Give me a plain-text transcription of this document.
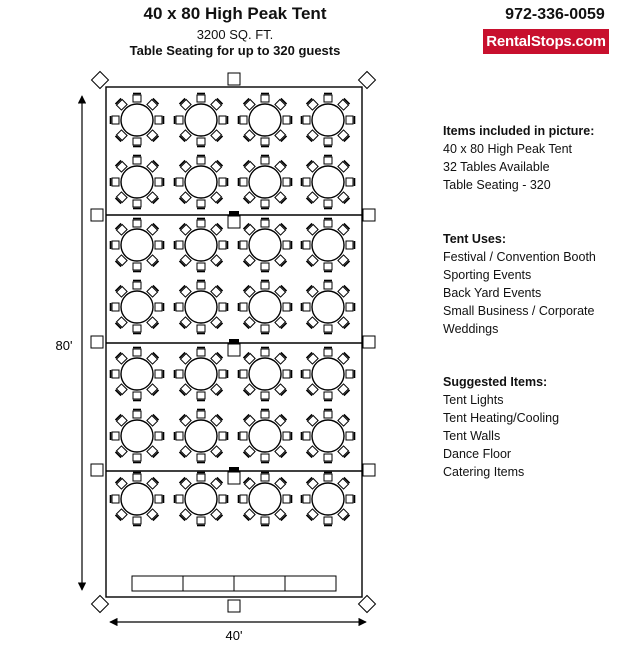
40 x 80 High Peak Tent
3200 SQ. FT.
Table Seating for up to 320 guests
972-336-0059
RentalStops.com
Items included in picture:
40 x 80 High Peak Tent
32 Tables Available
Table Seating - 320
Tent Uses:
Festival / Convention Booth
Sporting Events
Back Yard Events
Small Business / Corporate
Weddings
Suggested Items:
Tent Lights
Tent Heating/Cooling
Tent Walls
Dance Floor
Catering Items
80'
40'
